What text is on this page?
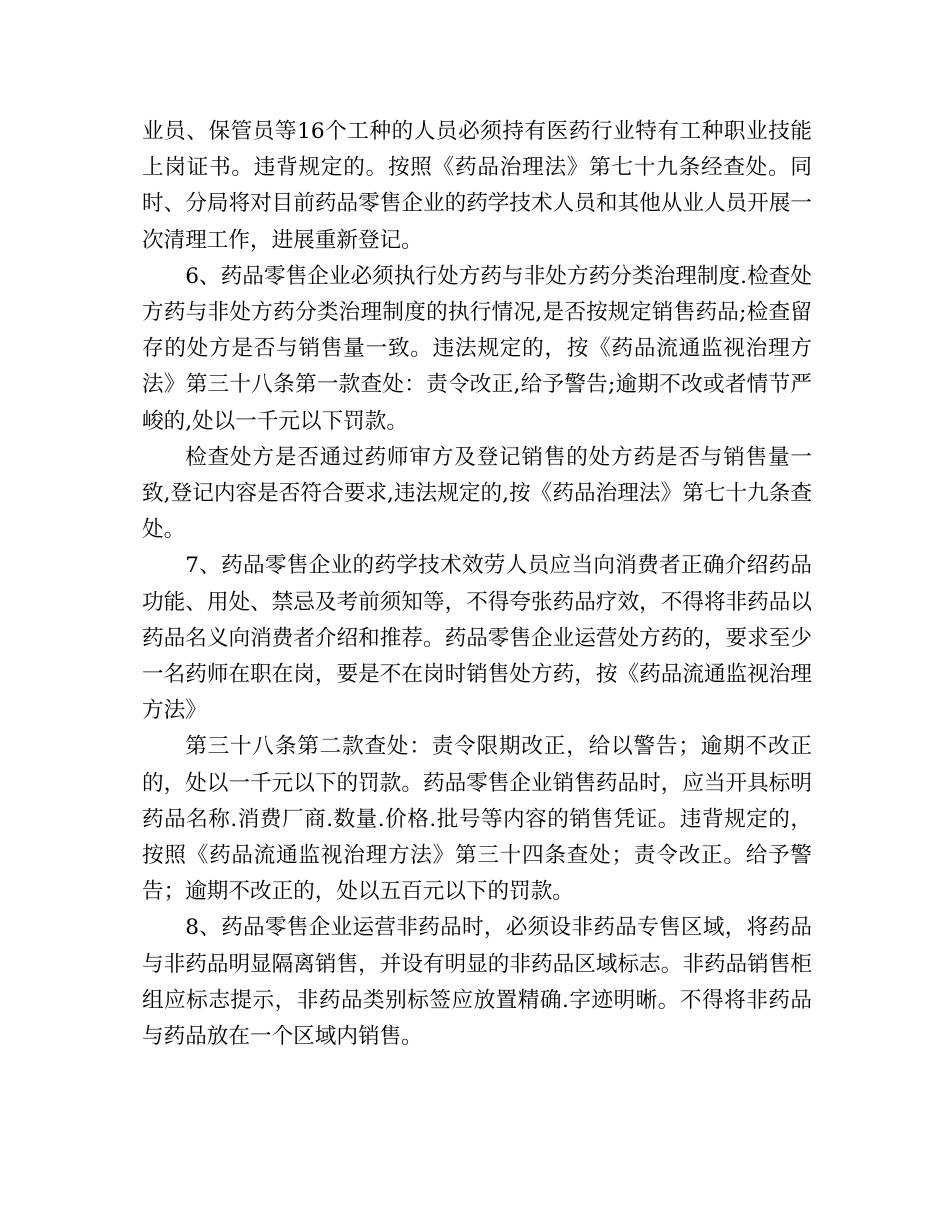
业员、保管员等16个工种的人员必须持有医药行业特有工种职业技能上岗证书。违背规定的。按照《药品治理法》第七十九条经查处。同时、分局将对目前药品零售企业的药学技术人员和其他从业人员开展一次清理工作，进展重新登记。

6、药品零售企业必须执行处方药与非处方药分类治理制度.检查处方药与非处方药分类治理制度的执行情况,是否按规定销售药品;检查留存的处方是否与销售量一致。违法规定的，按《药品流通监视治理方法》第三十八条第一款查处：责令改正,给予警告;逾期不改或者情节严峻的,处以一千元以下罚款。

检查处方是否通过药师审方及登记销售的处方药是否与销售量一致,登记内容是否符合要求,违法规定的,按《药品治理法》第七十九条查处。

7、药品零售企业的药学技术效劳人员应当向消费者正确介绍药品功能、用处、禁忌及考前须知等，不得夸张药品疗效，不得将非药品以药品名义向消费者介绍和推荐。药品零售企业运营处方药的，要求至少一名药师在职在岗，要是不在岗时销售处方药，按《药品流通监视治理方法》

第三十八条第二款查处：责令限期改正，给以警告；逾期不改正的，处以一千元以下的罚款。药品零售企业销售药品时，应当开具标明药品名称.消费厂商.数量.价格.批号等内容的销售凭证。违背规定的，按照《药品流通监视治理方法》第三十四条查处；责令改正。给予警告；逾期不改正的，处以五百元以下的罚款。

8、药品零售企业运营非药品时，必须设非药品专售区域，将药品与非药品明显隔离销售，并设有明显的非药品区域标志。非药品销售柜组应标志提示，非药品类别标签应放置精确.字迹明晰。不得将非药品与药品放在一个区域内销售。
